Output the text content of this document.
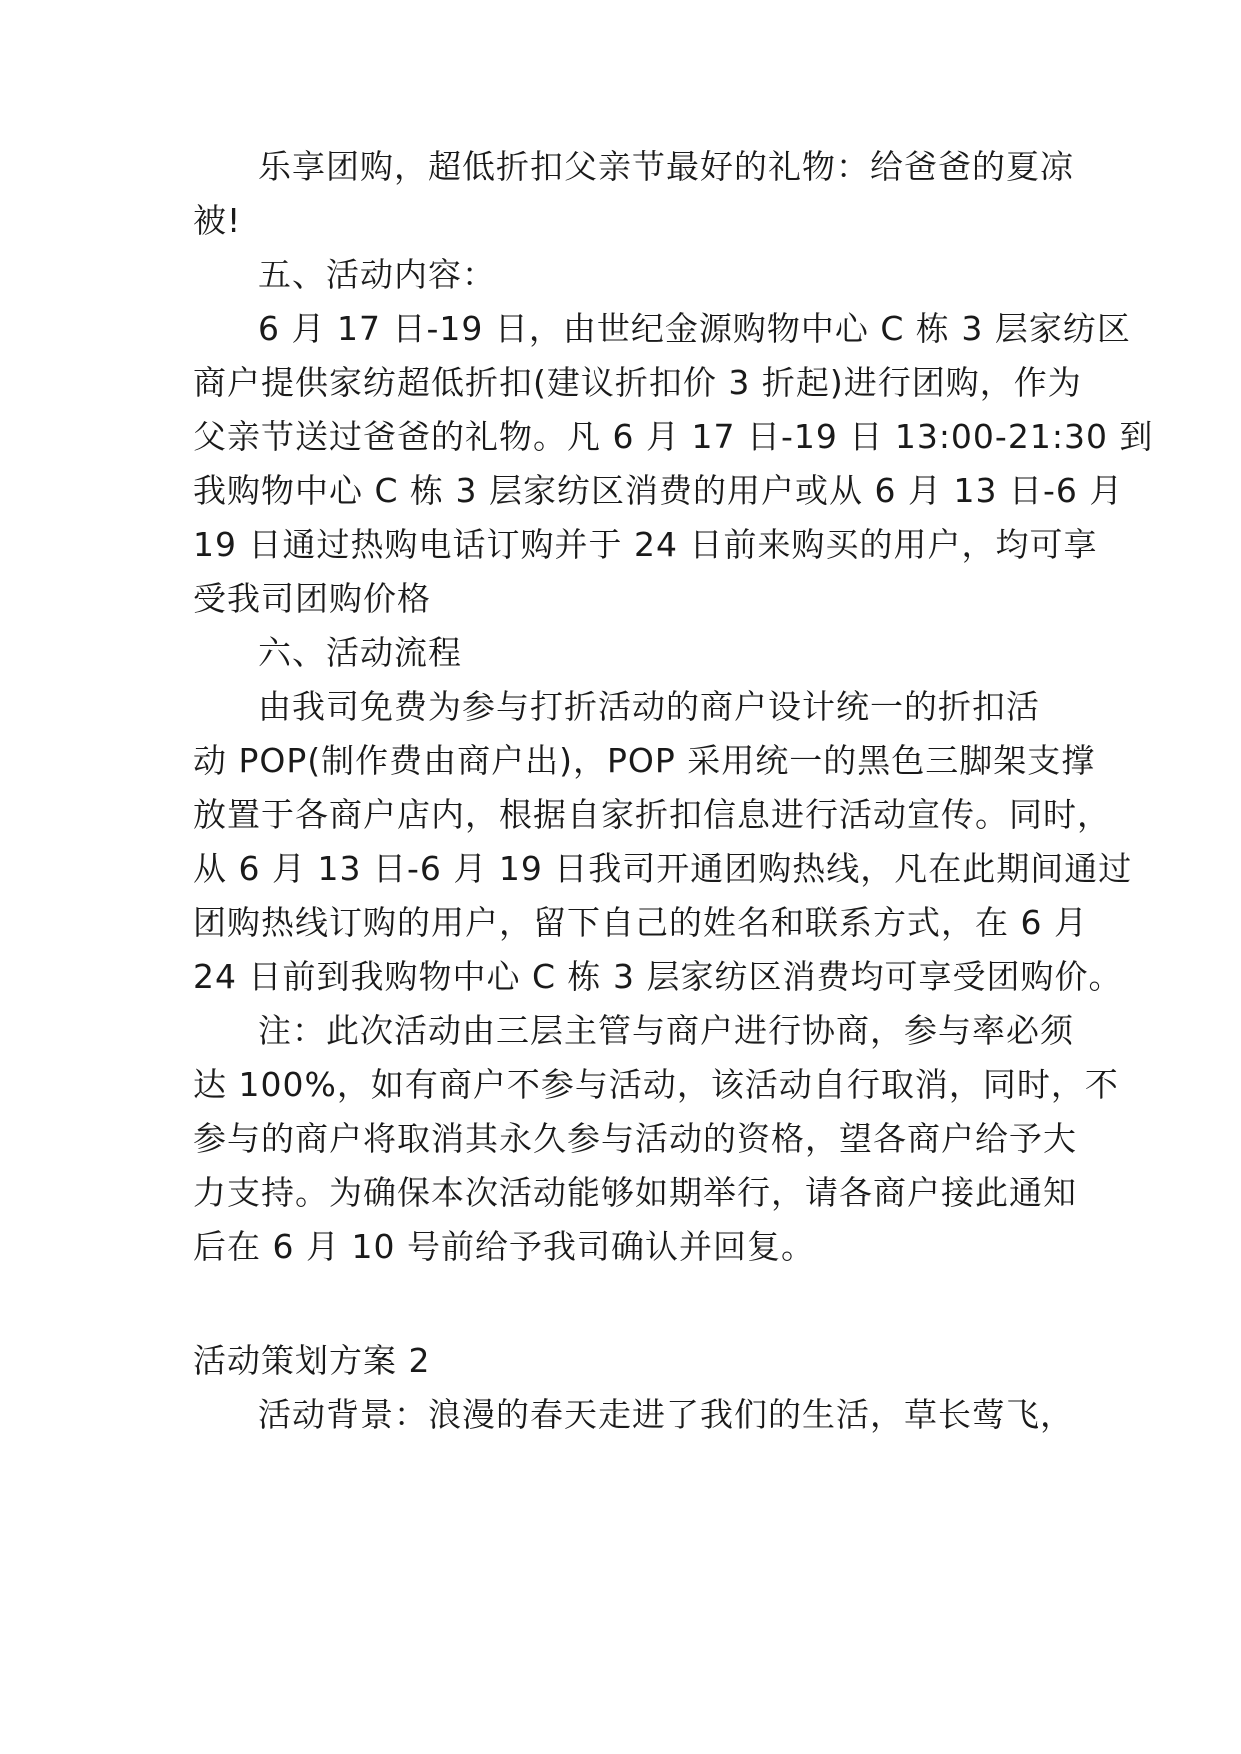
乐享团购，超低折扣父亲节最好的礼物：给爸爸的夏凉
被!
五、活动内容：
6 月 17 日-19 日，由世纪金源购物中心 C 栋 3 层家纺区
商户提供家纺超低折扣(建议折扣价 3 折起)进行团购，作为
父亲节送过爸爸的礼物。凡 6 月 17 日-19 日 13:00-21:30 到
我购物中心 C 栋 3 层家纺区消费的用户或从 6 月 13 日-6 月
19 日通过热购电话订购并于 24 日前来购买的用户，均可享
受我司团购价格
六、活动流程
由我司免费为参与打折活动的商户设计统一的折扣活
动 POP(制作费由商户出)，POP 采用统一的黑色三脚架支撑
放置于各商户店内，根据自家折扣信息进行活动宣传。同时，
从 6 月 13 日-6 月 19 日我司开通团购热线，凡在此期间通过
团购热线订购的用户，留下自己的姓名和联系方式，在 6 月
24 日前到我购物中心 C 栋 3 层家纺区消费均可享受团购价。
注：此次活动由三层主管与商户进行协商，参与率必须
达 100%，如有商户不参与活动，该活动自行取消，同时，不
参与的商户将取消其永久参与活动的资格，望各商户给予大
力支持。为确保本次活动能够如期举行，请各商户接此通知
后在 6 月 10 号前给予我司确认并回复。
活动策划方案 2
活动背景：浪漫的春天走进了我们的生活，草长莺飞，
